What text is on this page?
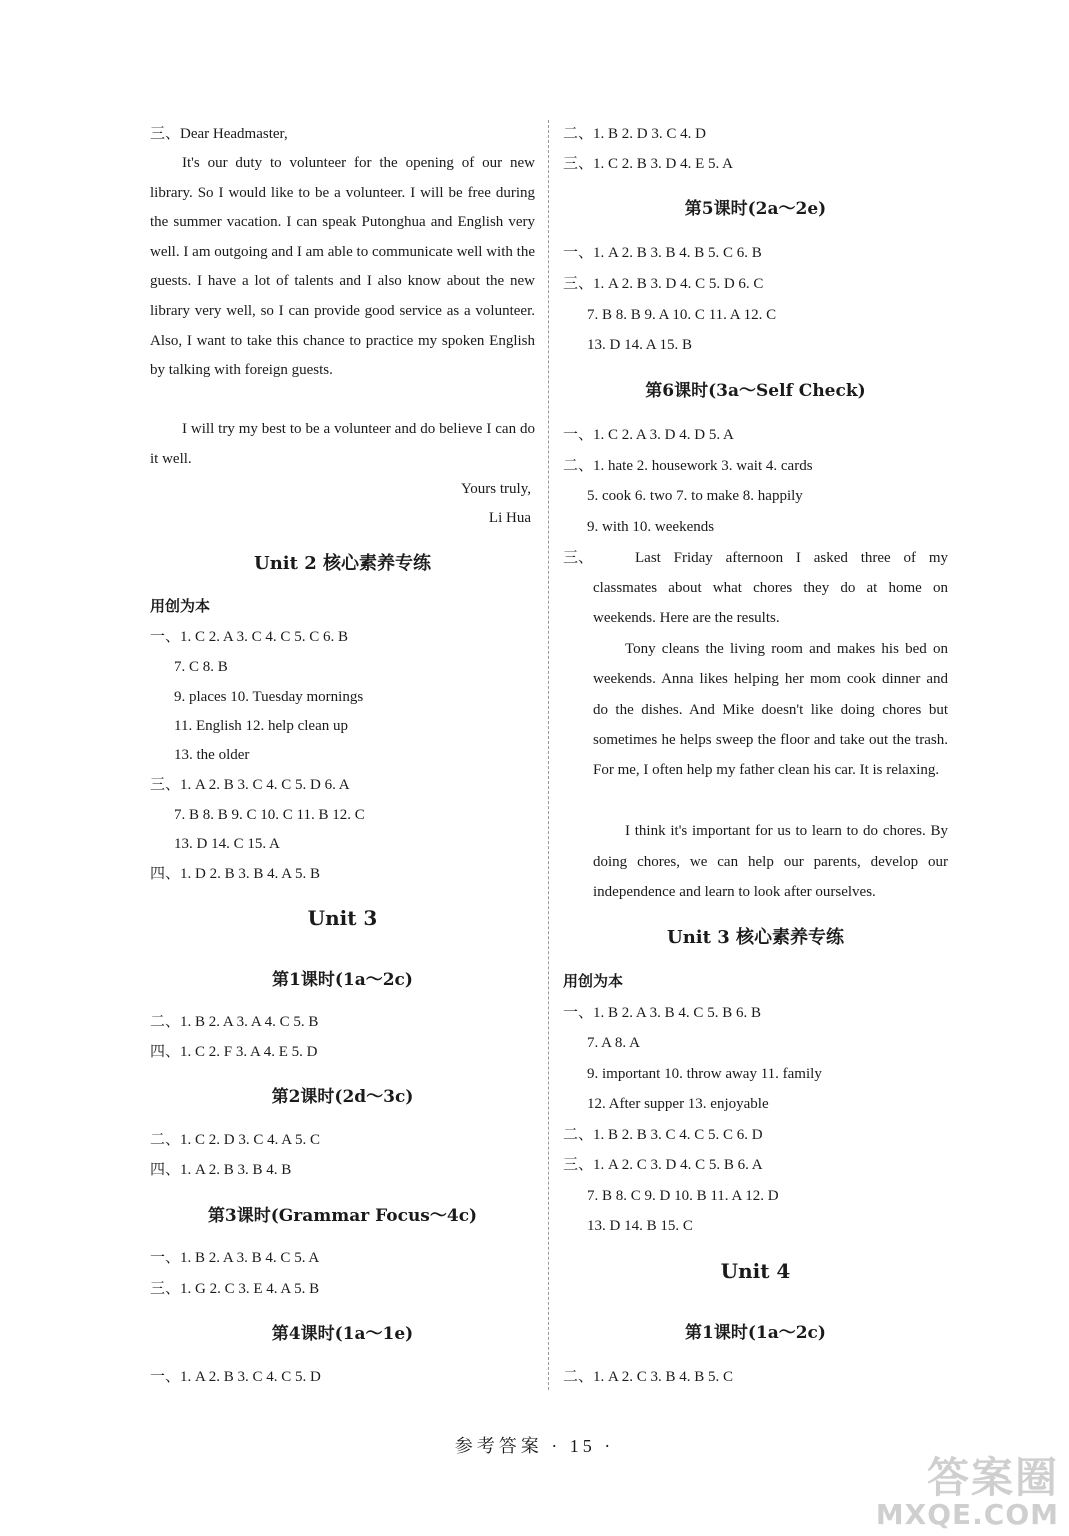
三、Dear Headmaster,
It's our duty to volunteer for the opening of our new library. So I would like to be a volunteer. I will be free during the summer vacation. I can speak Putonghua and English very well. I am outgoing and I am able to communicate well with the guests. I have a lot of talents and I also know about the new library very well, so I can provide good service as a volunteer. Also, I want to take this chance to practice my spoken English by talking with foreign guests.
I will try my best to be a volunteer and do believe I can do it well.
Yours truly,
Li Hua
Unit 2 核心素养专练
用创为本
一、1. C 2. A 3. C 4. C 5. C 6. B
7. C 8. B
9. places 10. Tuesday mornings
11. English 12. help clean up
13. the older
三、1. A 2. B 3. C 4. C 5. D 6. A
7. B 8. B 9. C 10. C 11. B 12. C
13. D 14. C 15. A
四、1. D 2. B 3. B 4. A 5. B
Unit 3
第1课时(1a～2c)
二、1. B 2. A 3. A 4. C 5. B
四、1. C 2. F 3. A 4. E 5. D
第2课时(2d～3c)
二、1. C 2. D 3. C 4. A 5. C
四、1. A 2. B 3. B 4. B
第3课时(Grammar Focus～4c)
一、1. B 2. A 3. B 4. C 5. A
三、1. G 2. C 3. E 4. A 5. B
第4课时(1a～1e)
一、1. A 2. B 3. C 4. C 5. D
二、1. B 2. D 3. C 4. D
三、1. C 2. B 3. D 4. E 5. A
第5课时(2a～2e)
一、1. A 2. B 3. B 4. B 5. C 6. B
三、1. A 2. B 3. D 4. C 5. D 6. C
7. B 8. B 9. A 10. C 11. A 12. C
13. D 14. A 15. B
第6课时(3a～Self Check)
一、1. C 2. A 3. D 4. D 5. A
二、1. hate 2. housework 3. wait 4. cards
5. cook 6. two 7. to make 8. happily
9. with 10. weekends
三、	Last Friday afternoon I asked three of my classmates about what chores they do at home on weekends. Here are the results.
Tony cleans the living room and makes his bed on weekends. Anna likes helping her mom cook dinner and do the dishes. And Mike doesn't like doing chores but sometimes he helps sweep the floor and take out the trash. For me, I often help my father clean his car. It is relaxing.
I think it's important for us to learn to do chores. By doing chores, we can help our parents, develop our independence and learn to look after ourselves.
Unit 3 核心素养专练
用创为本
一、1. B 2. A 3. B 4. C 5. B 6. B
7. A 8. A
9. important 10. throw away 11. family
12. After supper 13. enjoyable
二、1. B 2. B 3. C 4. C 5. C 6. D
三、1. A 2. C 3. D 4. C 5. B 6. A
7. B 8. C 9. D 10. B 11. A 12. D
13. D 14. B 15. C
Unit 4
第1课时(1a～2c)
二、1. A 2. C 3. B 4. B 5. C
参考答案 · 15 ·
答案圈
MXQE.COM
